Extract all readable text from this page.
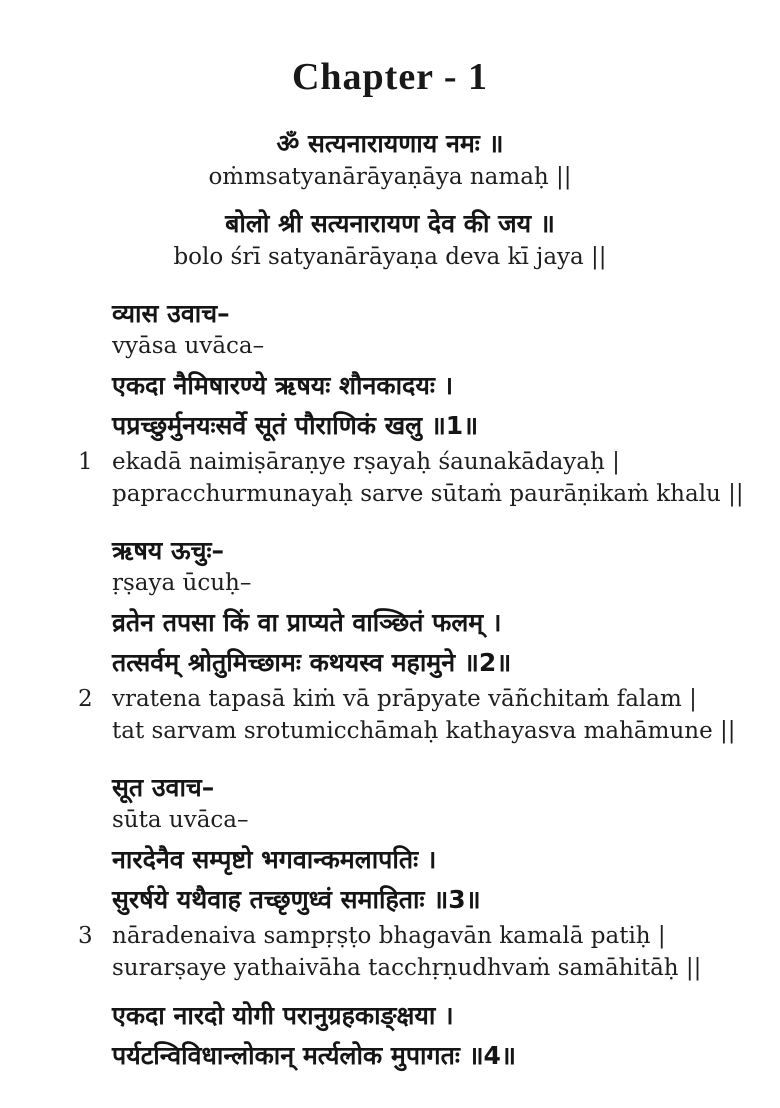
Chapter - 1
ॐ सत्यनारायणाय नमः ॥
oṁmsatyanārāyaṇāya namaḥ ||
बोलो श्री सत्यनारायण देव की जय ॥
bolo śrī satyanārāyaṇa deva kī jaya ||
व्यास उवाच–
vyāsa uvāca–
एकदा नैमिषारण्ये ऋषयः शौनकादयः ।
पप्रच्छुर्मुनयःसर्वे सूतं पौराणिकं खलु ॥1॥
1 ekadā naimiṣāraṇye rṣayaḥ śaunakādayaḥ |
papracchurmunayaḥ sarve sūtaṁ paurāṇikaṁ khalu ||
ऋषय ऊचुः–
ṛṣaya ūcuḥ–
व्रतेन तपसा किं वा प्राप्यते वाञ्छितं फलम् ।
तत्सर्वम् श्रोतुमिच्छामः कथयस्व महामुने ॥2॥
2 vratena tapasā kiṁ vā prāpyate vāñchitaṁ falam |
tat sarvam srotumicchāmaḥ kathayasva mahāmune ||
सूत उवाच–
sūta uvāca–
नारदेनैव सम्पृष्टो भगवान्कमलापतिः ।
सुरर्षये यथैवाह तच्छृणुध्वं समाहिताः ॥3॥
3 nāradenaiva sampṛṣṭo bhagavān kamalā patiḥ |
surarṣaye yathaivāha tacchṛṇudhvaṁ samāhitāḥ ||
एकदा नारदो योगी परानुग्रहकाङ्क्षया ।
पर्यटन्विविधान्लोकान् मर्त्यलोक मुपागतः ॥4॥
